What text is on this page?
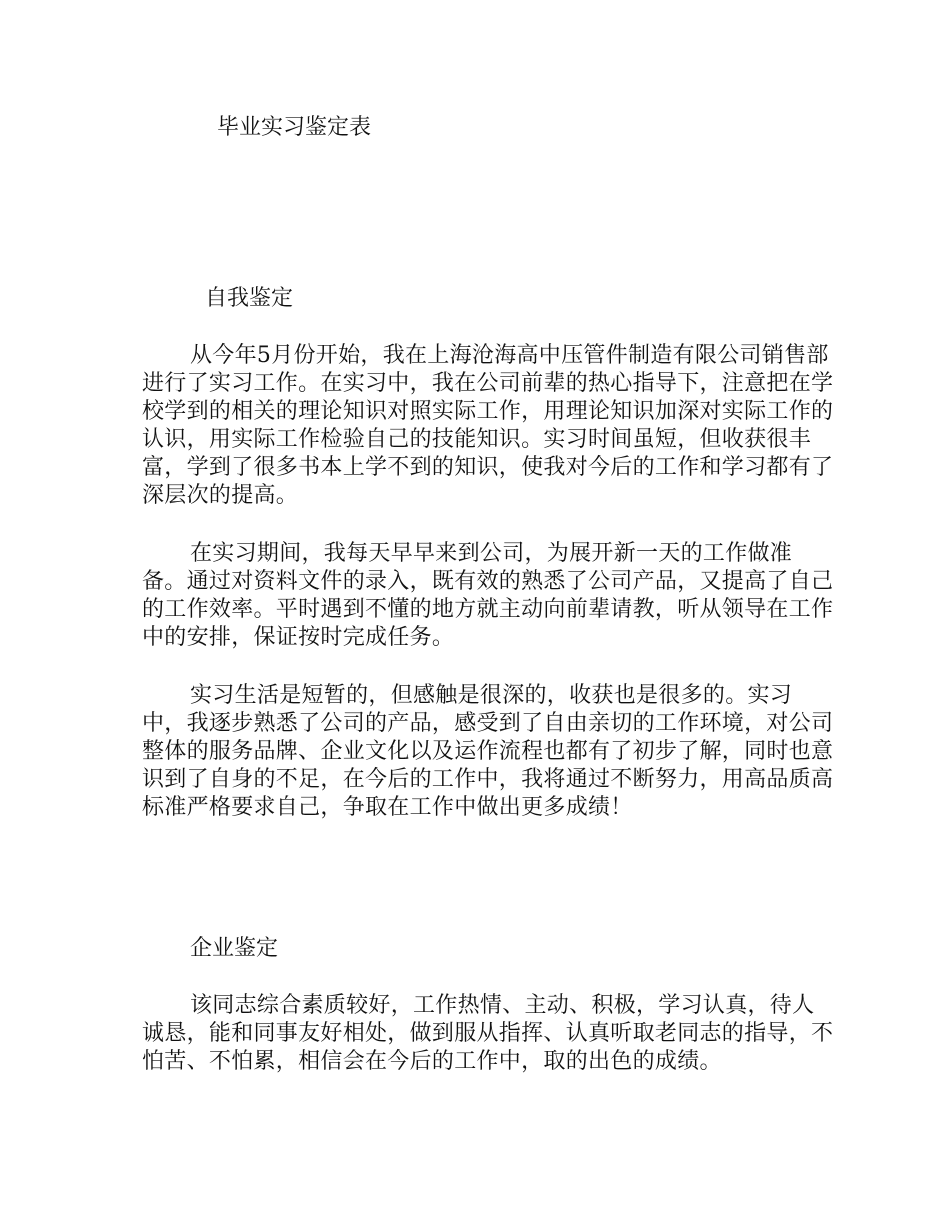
毕业实习鉴定表
自我鉴定

从今年5月份开始，我在上海沧海高中压管件制造有限公司销售部进行了实习工作。在实习中，我在公司前辈的热心指导下，注意把在学校学到的相关的理论知识对照实际工作，用理论知识加深对实际工作的认识，用实际工作检验自己的技能知识。实习时间虽短，但收获很丰富，学到了很多书本上学不到的知识，使我对今后的工作和学习都有了深层次的提高。

在实习期间，我每天早早来到公司，为展开新一天的工作做准备。通过对资料文件的录入，既有效的熟悉了公司产品，又提高了自己的工作效率。平时遇到不懂的地方就主动向前辈请教，听从领导在工作中的安排，保证按时完成任务。

实习生活是短暂的，但感触是很深的，收获也是很多的。实习中，我逐步熟悉了公司的产品，感受到了自由亲切的工作环境，对公司整体的服务品牌、企业文化以及运作流程也都有了初步了解，同时也意识到了自身的不足，在今后的工作中，我将通过不断努力，用高品质高标准严格要求自己，争取在工作中做出更多成绩！

企业鉴定

该同志综合素质较好，工作热情、主动、积极，学习认真，待人诚恳，能和同事友好相处，做到服从指挥、认真听取老同志的指导，不怕苦、不怕累，相信会在今后的工作中，取的出色的成绩。
